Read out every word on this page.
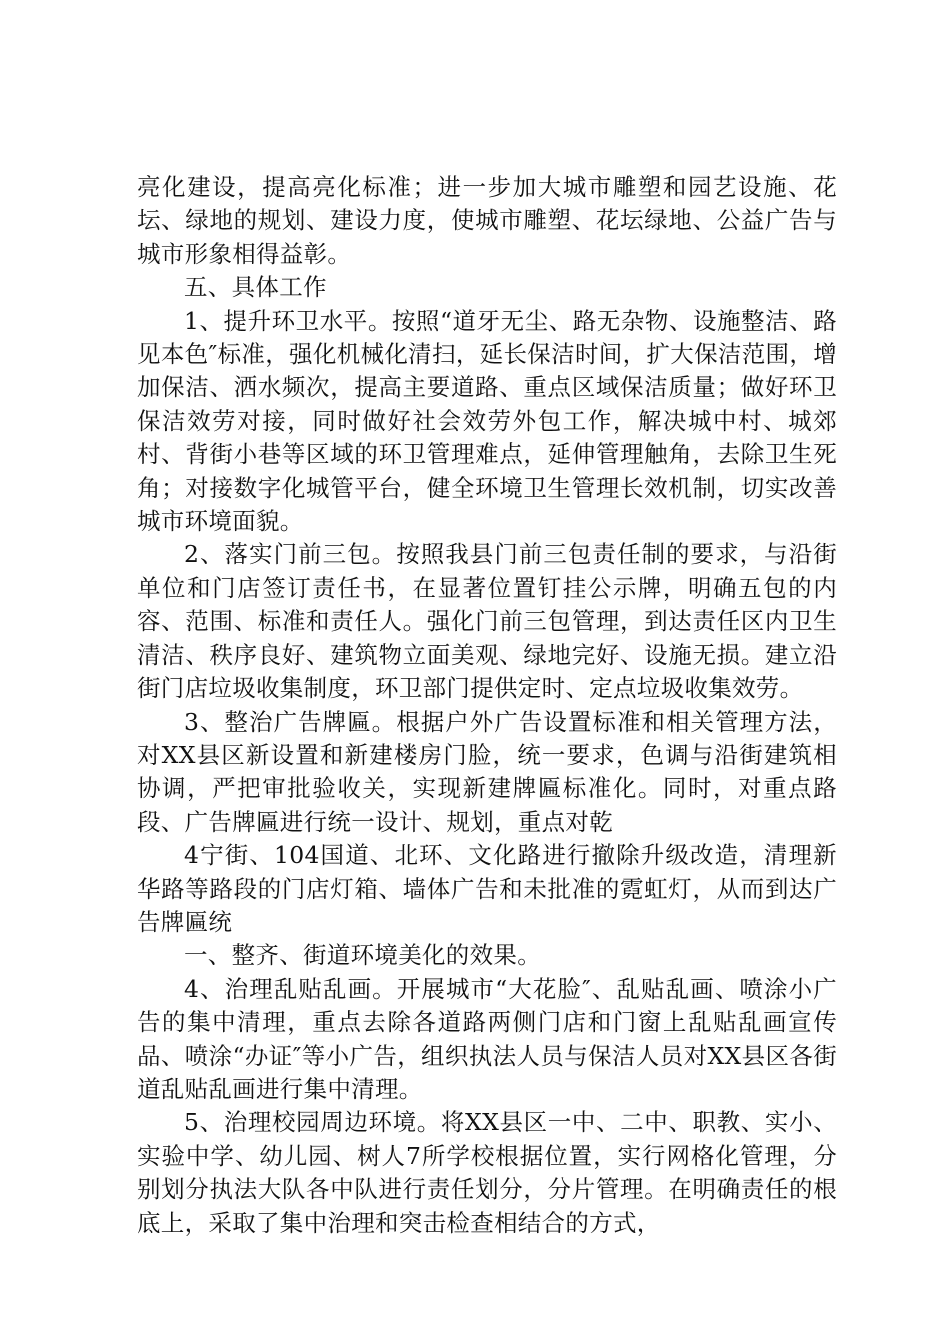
亮化建设，提高亮化标准；进一步加大城市雕塑和园艺设施、花坛、绿地的规划、建设力度，使城市雕塑、花坛绿地、公益广告与城市形象相得益彰。

五、具体工作

1、提升环卫水平。按照“道牙无尘、路无杂物、设施整洁、路见本色″标准，强化机械化清扫，延长保洁时间，扩大保洁范围，增加保洁、洒水频次，提高主要道路、重点区域保洁质量；做好环卫保洁效劳对接，同时做好社会效劳外包工作，解决城中村、城郊村、背街小巷等区域的环卫管理难点，延伸管理触角，去除卫生死角；对接数字化城管平台，健全环境卫生管理长效机制，切实改善城市环境面貌。

2、落实门前三包。按照我县门前三包责任制的要求，与沿街单位和门店签订责任书，在显著位置钉挂公示牌，明确五包的内容、范围、标准和责任人。强化门前三包管理，到达责任区内卫生清洁、秩序良好、建筑物立面美观、绿地完好、设施无损。建立沿街门店垃圾收集制度，环卫部门提供定时、定点垃圾收集效劳。

3、整治广告牌匾。根据户外广告设置标准和相关管理方法，对XX县区新设置和新建楼房门脸，统一要求，色调与沿街建筑相协调，严把审批验收关，实现新建牌匾标准化。同时，对重点路段、广告牌匾进行统一设计、规划，重点对乾

4宁街、104国道、北环、文化路进行撤除升级改造，清理新华路等路段的门店灯箱、墙体广告和未批准的霓虹灯，从而到达广告牌匾统

一、整齐、街道环境美化的效果。

4、治理乱贴乱画。开展城市“大花脸″、乱贴乱画、喷涂小广告的集中清理，重点去除各道路两侧门店和门窗上乱贴乱画宣传品、喷涂“办证″等小广告，组织执法人员与保洁人员对XX县区各街道乱贴乱画进行集中清理。

5、治理校园周边环境。将XX县区一中、二中、职教、实小、实验中学、幼儿园、树人7所学校根据位置，实行网格化管理，分别划分执法大队各中队进行责任划分，分片管理。在明确责任的根底上，采取了集中治理和突击检查相结合的方式，
